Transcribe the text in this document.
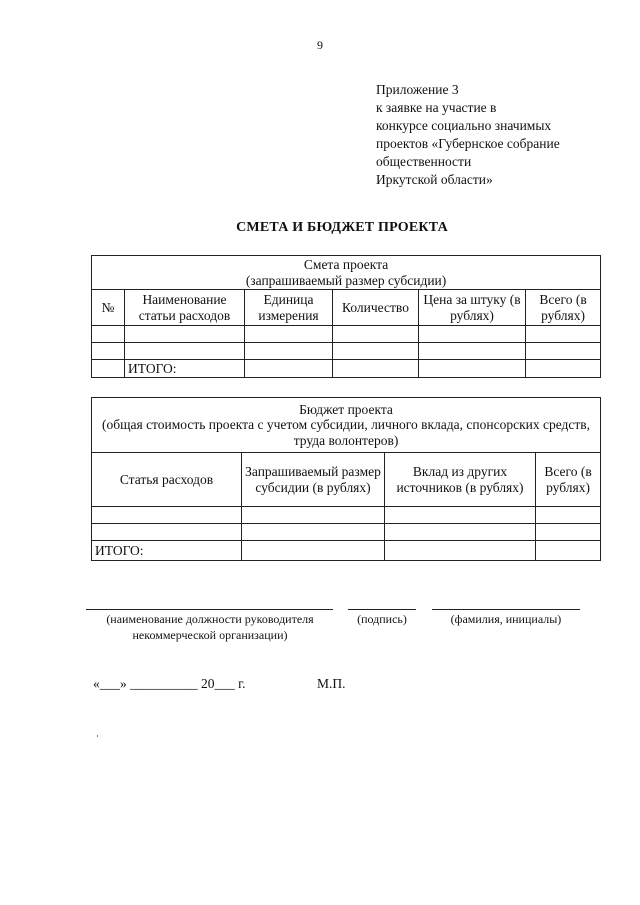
9
Приложение 3
к заявке на участие в
конкурсе социально значимых
проектов «Губернское собрание
общественности
Иркутской области»
СМЕТА И БЮДЖЕТ ПРОЕКТА
Смета проекта
(запрашиваемый размер субсидии)					

№	Наименование статьи расходов	Единица измерения	Количество	Цена за штуку (в рублях)	Всего (в рублях)

	ИТОГО:				
Бюджет проекта
(общая стоимость проекта с учетом субсидии, личного вклада, спонсорских средств, труда волонтеров)			

Статья расходов	Запрашиваемый размер субсидии (в рублях)	Вклад из других источников (в рублях)	Всего (в рублях)

ИТОГО:			
(наименование должности руководителя некоммерческой организации)
(подпись)	(фамилия, инициалы)
«___» __________ 20___ г.	М.П.
